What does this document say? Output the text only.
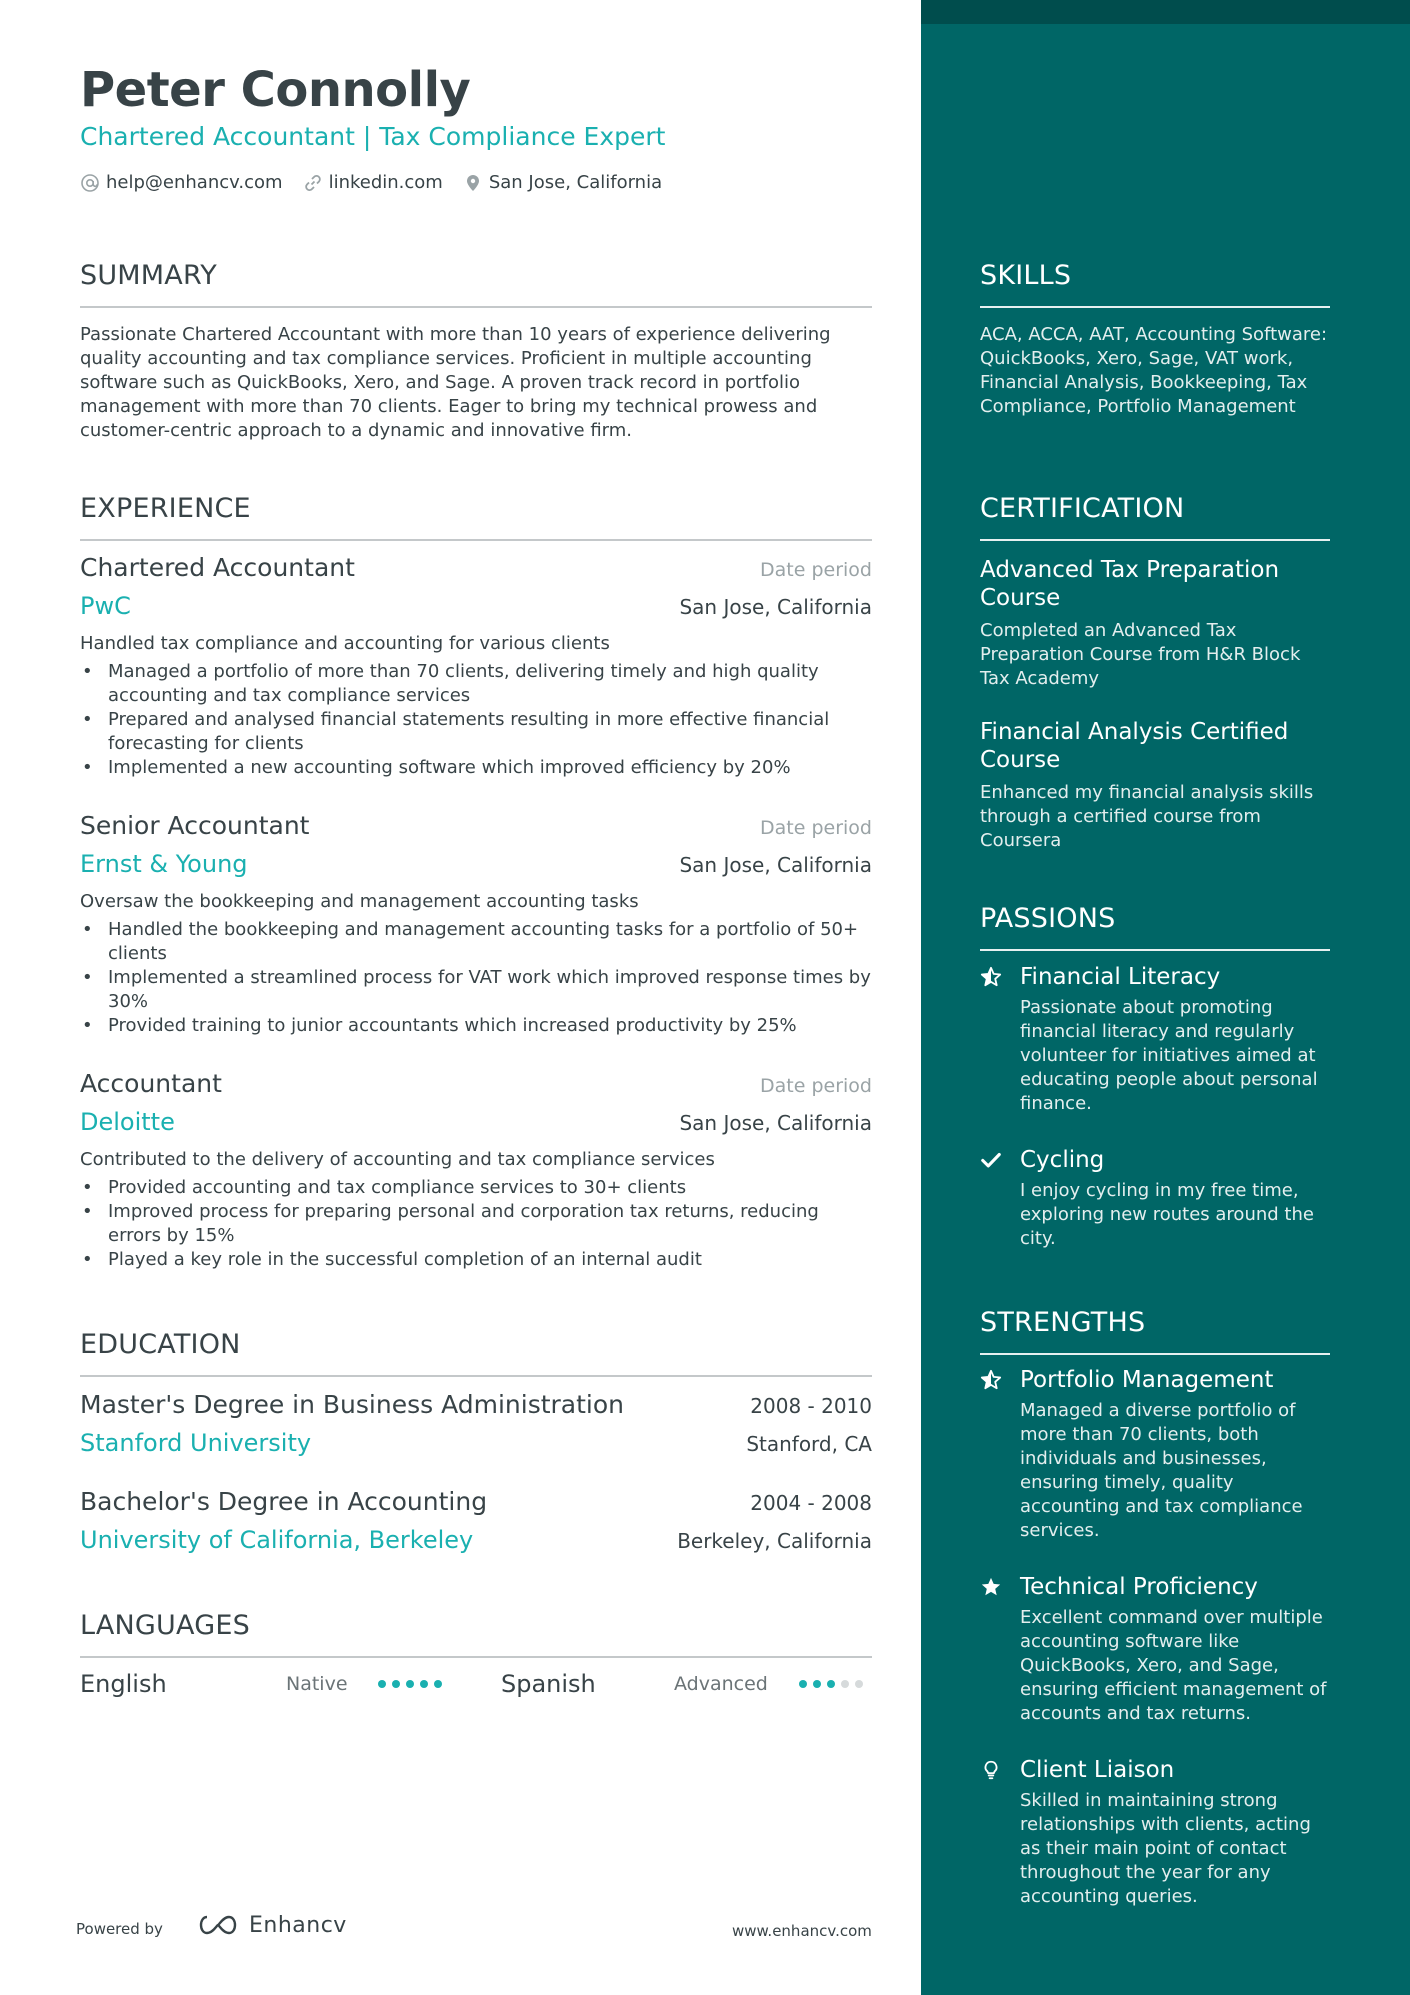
Peter Connolly
Chartered Accountant | Tax Compliance Expert
help@enhancv.com	linkedin.com	San Jose, California
SUMMARY
Passionate Chartered Accountant with more than 10 years of experience delivering quality accounting and tax compliance services. Proficient in multiple accounting software such as QuickBooks, Xero, and Sage. A proven track record in portfolio management with more than 70 clients. Eager to bring my technical prowess and customer-centric approach to a dynamic and innovative firm.
EXPERIENCE
Chartered Accountant	Date period
PwC	San Jose, California
Handled tax compliance and accounting for various clients
• Managed a portfolio of more than 70 clients, delivering timely and high quality accounting and tax compliance services
• Prepared and analysed financial statements resulting in more effective financial forecasting for clients
• Implemented a new accounting software which improved efficiency by 20%
Senior Accountant	Date period
Ernst & Young	San Jose, California
Oversaw the bookkeeping and management accounting tasks
• Handled the bookkeeping and management accounting tasks for a portfolio of 50+ clients
• Implemented a streamlined process for VAT work which improved response times by 30%
• Provided training to junior accountants which increased productivity by 25%
Accountant	Date period
Deloitte	San Jose, California
Contributed to the delivery of accounting and tax compliance services
• Provided accounting and tax compliance services to 30+ clients
• Improved process for preparing personal and corporation tax returns, reducing errors by 15%
• Played a key role in the successful completion of an internal audit
EDUCATION
Master's Degree in Business Administration	2008 - 2010
Stanford University	Stanford, CA
Bachelor's Degree in Accounting	2004 - 2008
University of California, Berkeley	Berkeley, California
LANGUAGES
English	Native	Spanish	Advanced
Powered by	Enhancv	www.enhancv.com
SKILLS
ACA, ACCA, AAT, Accounting Software: QuickBooks, Xero, Sage, VAT work, Financial Analysis, Bookkeeping, Tax Compliance, Portfolio Management
CERTIFICATION
Advanced Tax Preparation Course
Completed an Advanced Tax Preparation Course from H&R Block Tax Academy
Financial Analysis Certified Course
Enhanced my financial analysis skills through a certified course from Coursera
PASSIONS
Financial Literacy
Passionate about promoting financial literacy and regularly volunteer for initiatives aimed at educating people about personal finance.
Cycling
I enjoy cycling in my free time, exploring new routes around the city.
STRENGTHS
Portfolio Management
Managed a diverse portfolio of more than 70 clients, both individuals and businesses, ensuring timely, quality accounting and tax compliance services.
Technical Proficiency
Excellent command over multiple accounting software like QuickBooks, Xero, and Sage, ensuring efficient management of accounts and tax returns.
Client Liaison
Skilled in maintaining strong relationships with clients, acting as their main point of contact throughout the year for any accounting queries.
